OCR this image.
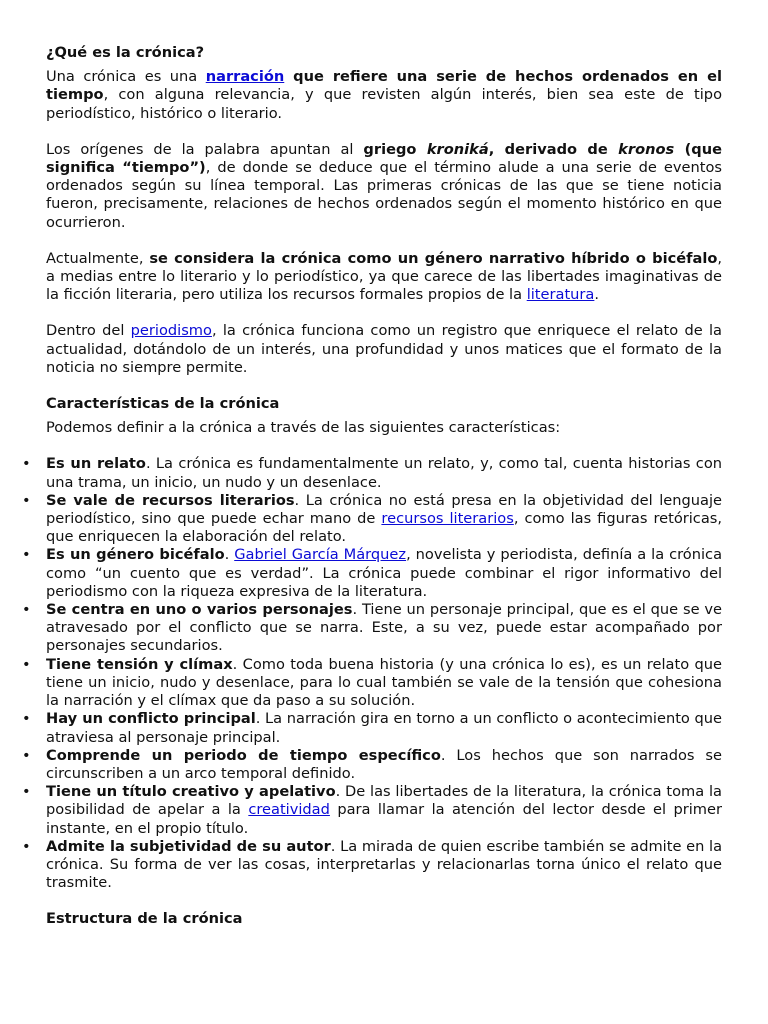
¿Qué es la crónica?

Una crónica es una narración que refiere una serie de hechos ordenados en el tiempo, con alguna relevancia, y que revisten algún interés, bien sea este de tipo periodístico, histórico o literario.

Los orígenes de la palabra apuntan al griego kroniká, derivado de kronos (que significa “tiempo”), de donde se deduce que el término alude a una serie de eventos ordenados según su línea temporal. Las primeras crónicas de las que se tiene noticia fueron, precisamente, relaciones de hechos ordenados según el momento histórico en que ocurrieron.

Actualmente, se considera la crónica como un género narrativo híbrido o bicéfalo, a medias entre lo literario y lo periodístico, ya que carece de las libertades imaginativas de la ficción literaria, pero utiliza los recursos formales propios de la literatura.

Dentro del periodismo, la crónica funciona como un registro que enriquece el relato de la actualidad, dotándolo de un interés, una profundidad y unos matices que el formato de la noticia no siempre permite.

Características de la crónica

Podemos definir a la crónica a través de las siguientes características:

• Es un relato. La crónica es fundamentalmente un relato, y, como tal, cuenta historias con una trama, un inicio, un nudo y un desenlace.
• Se vale de recursos literarios. La crónica no está presa en la objetividad del lenguaje periodístico, sino que puede echar mano de recursos literarios, como las figuras retóricas, que enriquecen la elaboración del relato.
• Es un género bicéfalo. Gabriel García Márquez, novelista y periodista, definía a la crónica como “un cuento que es verdad”. La crónica puede combinar el rigor informativo del periodismo con la riqueza expresiva de la literatura.
• Se centra en uno o varios personajes. Tiene un personaje principal, que es el que se ve atravesado por el conflicto que se narra. Este, a su vez, puede estar acompañado por personajes secundarios.
• Tiene tensión y clímax. Como toda buena historia (y una crónica lo es), es un relato que tiene un inicio, nudo y desenlace, para lo cual también se vale de la tensión que cohesiona la narración y el clímax que da paso a su solución.
• Hay un conflicto principal. La narración gira en torno a un conflicto o acontecimiento que atraviesa al personaje principal.
• Comprende un periodo de tiempo específico. Los hechos que son narrados se circunscriben a un arco temporal definido.
• Tiene un título creativo y apelativo. De las libertades de la literatura, la crónica toma la posibilidad de apelar a la creatividad para llamar la atención del lector desde el primer instante, en el propio título.
• Admite la subjetividad de su autor. La mirada de quien escribe también se admite en la crónica. Su forma de ver las cosas, interpretarlas y relacionarlas torna único el relato que trasmite.
Estructura de la crónica
